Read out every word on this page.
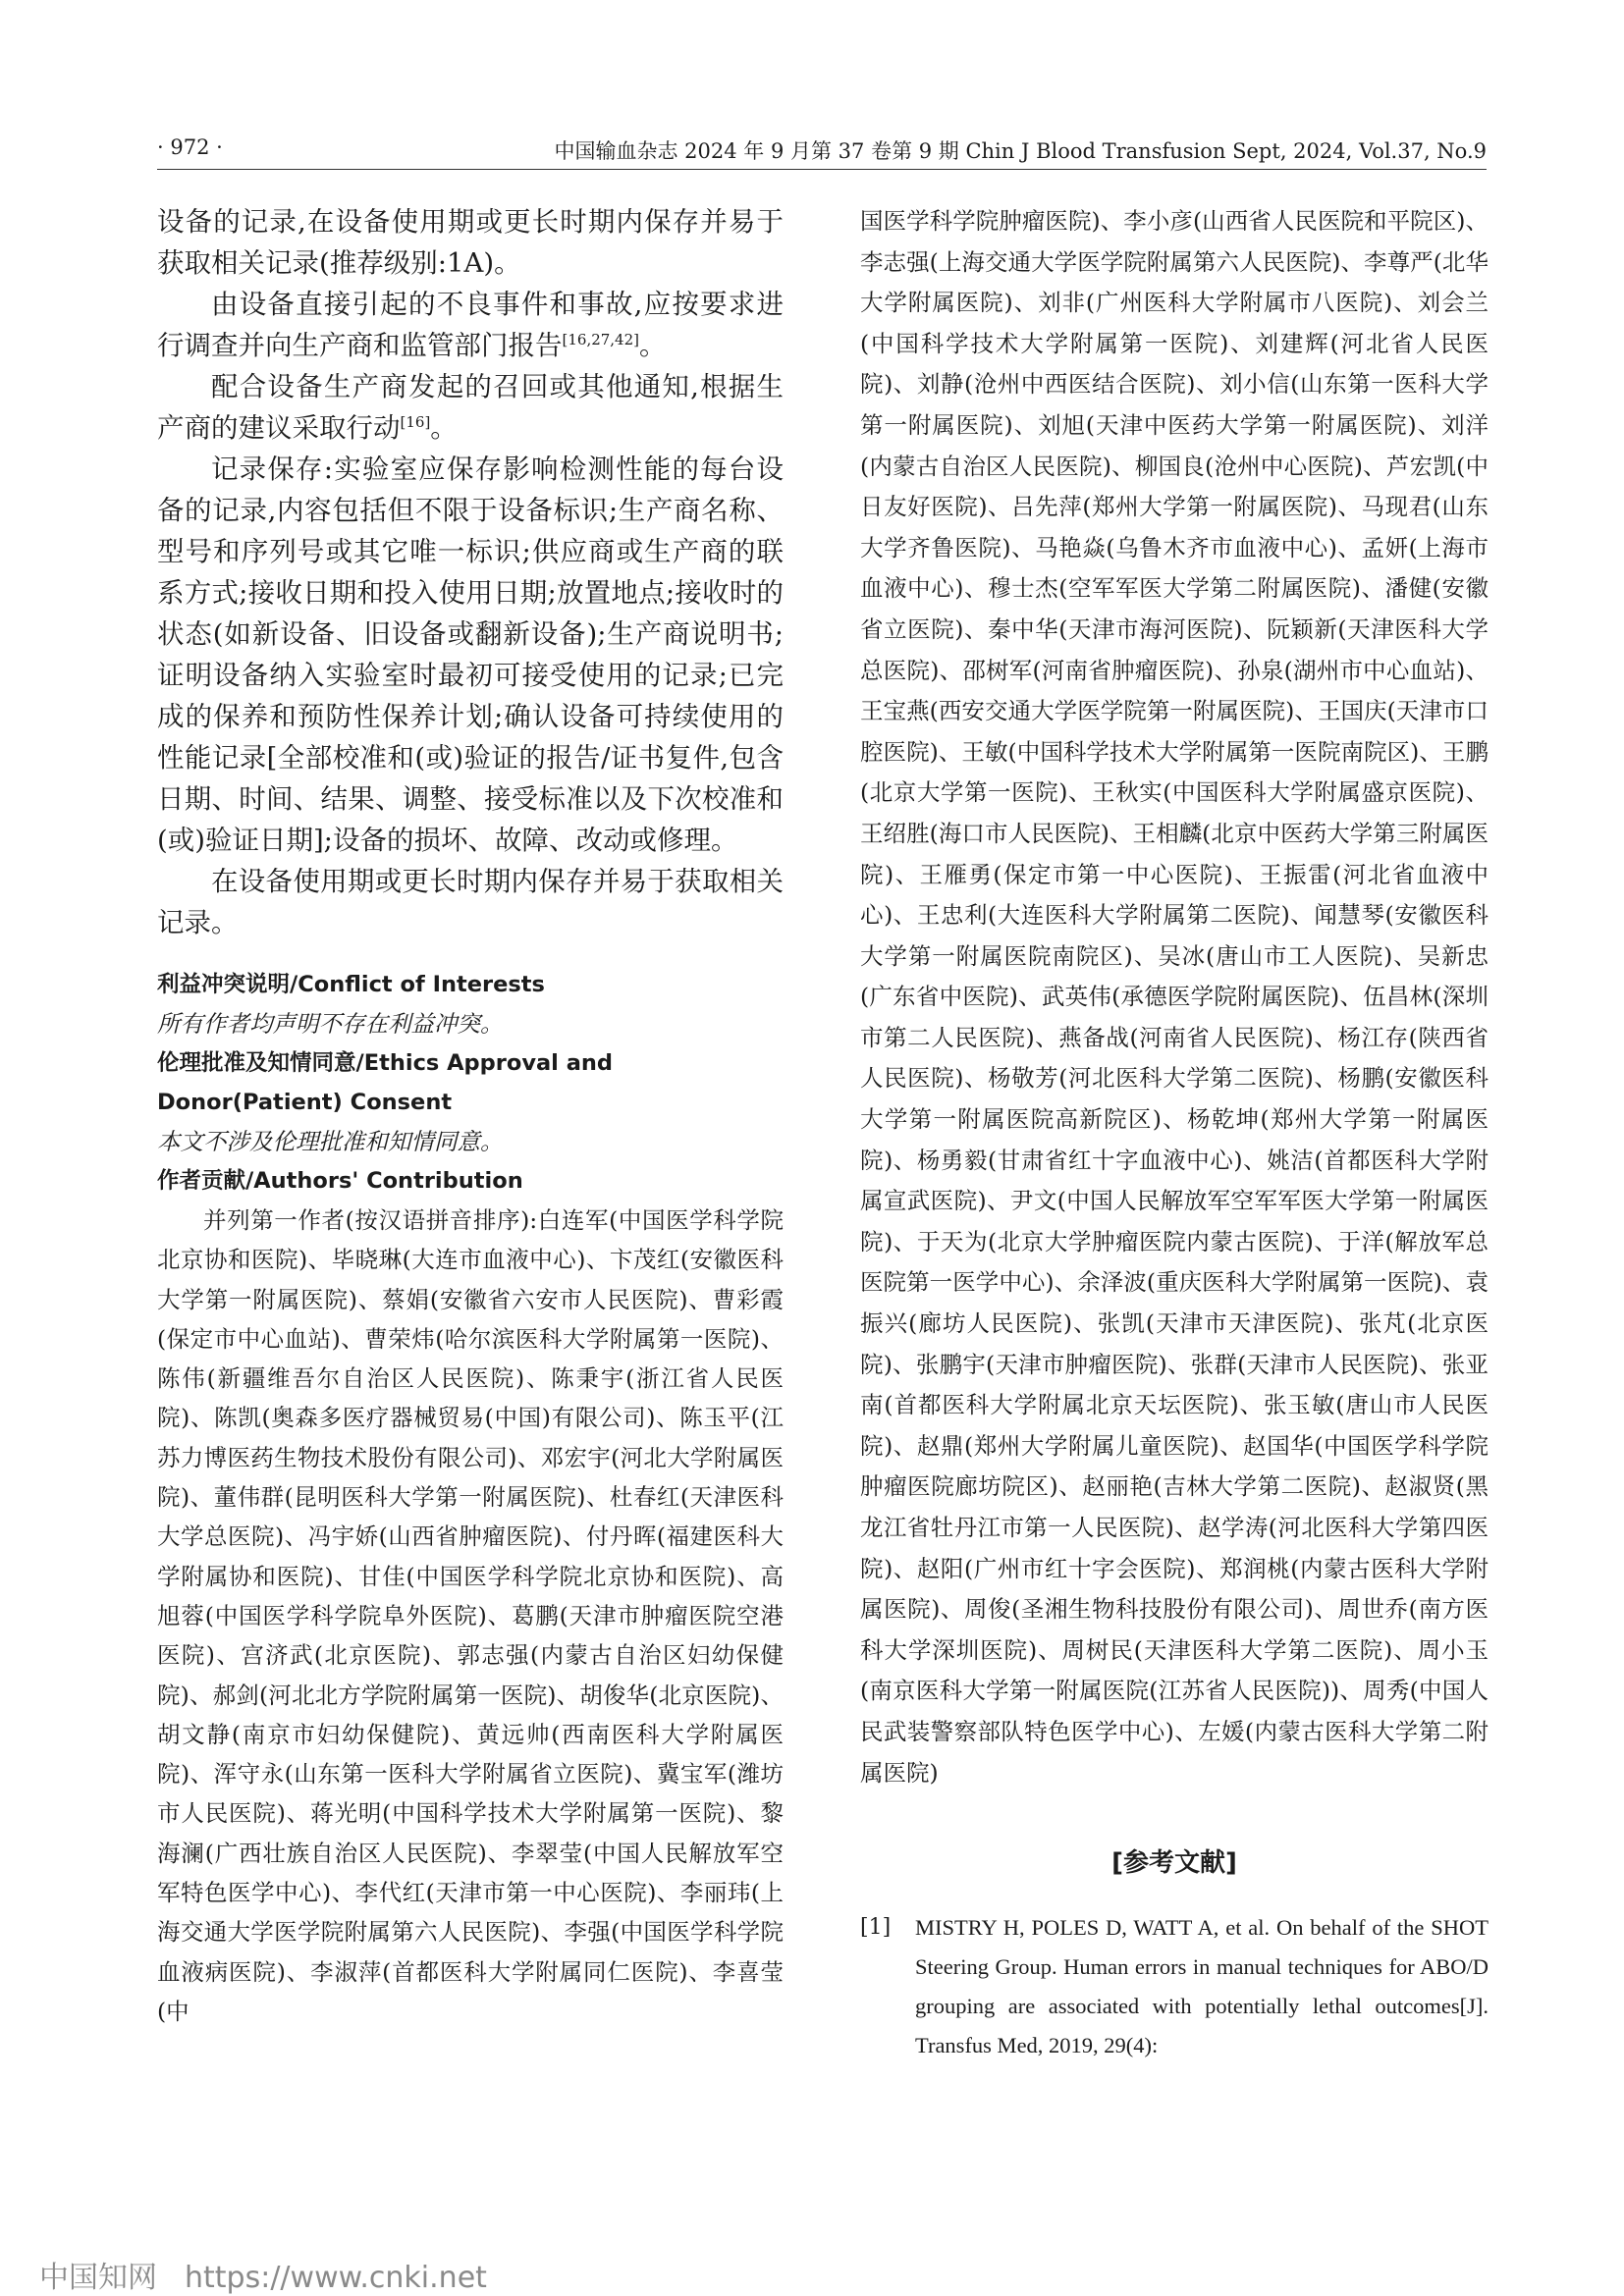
· 972 ·	中国输血杂志 2024 年 9 月第 37 卷第 9 期 Chin J Blood Transfusion Sept, 2024, Vol.37, No.9

设备的记录,在设备使用期或更长时期内保存并易于获取相关记录(推荐级别:1A)。

由设备直接引起的不良事件和事故,应按要求进行调查并向生产商和监管部门报告[16,27,42]。

配合设备生产商发起的召回或其他通知,根据生产商的建议采取行动[16]。

记录保存:实验室应保存影响检测性能的每台设备的记录,内容包括但不限于设备标识;生产商名称、型号和序列号或其它唯一标识;供应商或生产商的联系方式;接收日期和投入使用日期;放置地点;接收时的状态(如新设备、旧设备或翻新设备);生产商说明书;证明设备纳入实验室时最初可接受使用的记录;已完成的保养和预防性保养计划;确认设备可持续使用的性能记录[全部校准和(或)验证的报告/证书复件,包含日期、时间、结果、调整、接受标准以及下次校准和(或)验证日期];设备的损坏、故障、改动或修理。

在设备使用期或更长时期内保存并易于获取相关记录。

利益冲突说明/Conflict of Interests

所有作者均声明不存在利益冲突。

伦理批准及知情同意/Ethics Approval and Donor(Patient) Consent

本文不涉及伦理批准和知情同意。

作者贡献/Authors' Contribution

并列第一作者(按汉语拼音排序):白连军(中国医学科学院北京协和医院)、毕晓琳(大连市血液中心)、卞茂红(安徽医科大学第一附属医院)、蔡娟(安徽省六安市人民医院)、曹彩霞(保定市中心血站)、曹荣炜(哈尔滨医科大学附属第一医院)、陈伟(新疆维吾尔自治区人民医院)、陈秉宇(浙江省人民医院)、陈凯(奥森多医疗器械贸易(中国)有限公司)、陈玉平(江苏力博医药生物技术股份有限公司)、邓宏宇(河北大学附属医院)、董伟群(昆明医科大学第一附属医院)、杜春红(天津医科大学总医院)、冯宇娇(山西省肿瘤医院)、付丹晖(福建医科大学附属协和医院)、甘佳(中国医学科学院北京协和医院)、高旭蓉(中国医学科学院阜外医院)、葛鹏(天津市肿瘤医院空港医院)、宫济武(北京医院)、郭志强(内蒙古自治区妇幼保健院)、郝剑(河北北方学院附属第一医院)、胡俊华(北京医院)、胡文静(南京市妇幼保健院)、黄远帅(西南医科大学附属医院)、浑守永(山东第一医科大学附属省立医院)、冀宝军(潍坊市人民医院)、蒋光明(中国科学技术大学附属第一医院)、黎海澜(广西壮族自治区人民医院)、李翠莹(中国人民解放军空军特色医学中心)、李代红(天津市第一中心医院)、李丽玮(上海交通大学医学院附属第六人民医院)、李强(中国医学科学院血液病医院)、李淑萍(首都医科大学附属同仁医院)、李喜莹(中

国医学科学院肿瘤医院)、李小彦(山西省人民医院和平院区)、李志强(上海交通大学医学院附属第六人民医院)、李尊严(北华大学附属医院)、刘非(广州医科大学附属市八医院)、刘会兰(中国科学技术大学附属第一医院)、刘建辉(河北省人民医院)、刘静(沧州中西医结合医院)、刘小信(山东第一医科大学第一附属医院)、刘旭(天津中医药大学第一附属医院)、刘洋(内蒙古自治区人民医院)、柳国良(沧州中心医院)、芦宏凯(中日友好医院)、吕先萍(郑州大学第一附属医院)、马现君(山东大学齐鲁医院)、马艳焱(乌鲁木齐市血液中心)、孟妍(上海市血液中心)、穆士杰(空军军医大学第二附属医院)、潘健(安徽省立医院)、秦中华(天津市海河医院)、阮颖新(天津医科大学总医院)、邵树军(河南省肿瘤医院)、孙泉(湖州市中心血站)、王宝燕(西安交通大学医学院第一附属医院)、王国庆(天津市口腔医院)、王敏(中国科学技术大学附属第一医院南院区)、王鹏(北京大学第一医院)、王秋实(中国医科大学附属盛京医院)、王绍胜(海口市人民医院)、王相麟(北京中医药大学第三附属医院)、王雁勇(保定市第一中心医院)、王振雷(河北省血液中心)、王忠利(大连医科大学附属第二医院)、闻慧琴(安徽医科大学第一附属医院南院区)、吴冰(唐山市工人医院)、吴新忠(广东省中医院)、武英伟(承德医学院附属医院)、伍昌林(深圳市第二人民医院)、燕备战(河南省人民医院)、杨江存(陕西省人民医院)、杨敬芳(河北医科大学第二医院)、杨鹏(安徽医科大学第一附属医院高新院区)、杨乾坤(郑州大学第一附属医院)、杨勇毅(甘肃省红十字血液中心)、姚洁(首都医科大学附属宣武医院)、尹文(中国人民解放军空军军医大学第一附属医院)、于天为(北京大学肿瘤医院内蒙古医院)、于洋(解放军总医院第一医学中心)、余泽波(重庆医科大学附属第一医院)、袁振兴(廊坊人民医院)、张凯(天津市天津医院)、张芃(北京医院)、张鹏宇(天津市肿瘤医院)、张群(天津市人民医院)、张亚南(首都医科大学附属北京天坛医院)、张玉敏(唐山市人民医院)、赵鼎(郑州大学附属儿童医院)、赵国华(中国医学科学院肿瘤医院廊坊院区)、赵丽艳(吉林大学第二医院)、赵淑贤(黑龙江省牡丹江市第一人民医院)、赵学涛(河北医科大学第四医院)、赵阳(广州市红十字会医院)、郑润桃(内蒙古医科大学附属医院)、周俊(圣湘生物科技股份有限公司)、周世乔(南方医科大学深圳医院)、周树民(天津医科大学第二医院)、周小玉(南京医科大学第一附属医院(江苏省人民医院))、周秀(中国人民武装警察部队特色医学中心)、左媛(内蒙古医科大学第二附属医院)

[参考文献]
[1]	MISTRY H, POLES D, WATT A, et al. On behalf of the SHOT Steering Group. Human errors in manual techniques for ABO/D grouping are associated with potentially lethal outcomes[J]. Transfus Med, 2019, 29(4):
中国知网 https://www.cnki.net
